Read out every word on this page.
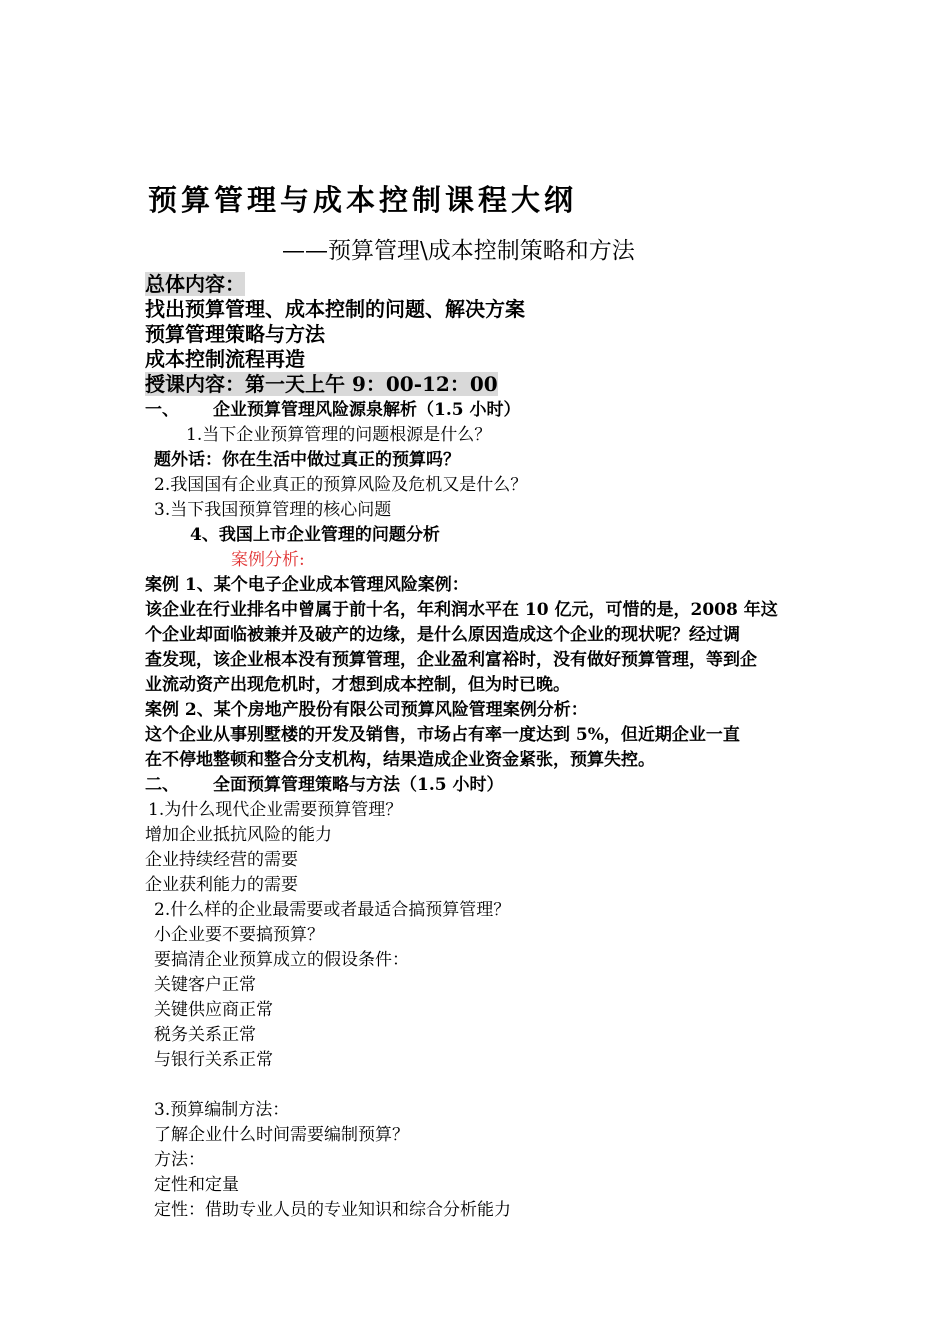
预算管理与成本控制课程大纲
——预算管理\成本控制策略和方法
总体内容：
找出预算管理、成本控制的问题、解决方案
预算管理策略与方法
成本控制流程再造
授课内容：第一天上午 9：00-12：00
一、 企业预算管理风险源泉解析（1.5 小时）
1.当下企业预算管理的问题根源是什么？
题外话：你在生活中做过真正的预算吗？
2.我国国有企业真正的预算风险及危机又是什么？
3.当下我国预算管理的核心问题
4、我国上市企业管理的问题分析
案例分析:
案例 1、某个电子企业成本管理风险案例：
该企业在行业排名中曾属于前十名，年利润水平在 10 亿元，可惜的是，2008 年这
个企业却面临被兼并及破产的边缘，是什么原因造成这个企业的现状呢？经过调
查发现，该企业根本没有预算管理，企业盈利富裕时，没有做好预算管理，等到企
业流动资产出现危机时，才想到成本控制，但为时已晚。
案例 2、某个房地产股份有限公司预算风险管理案例分析：
这个企业从事别墅楼的开发及销售，市场占有率一度达到 5%，但近期企业一直
在不停地整顿和整合分支机构，结果造成企业资金紧张，预算失控。
二、 全面预算管理策略与方法（1.5 小时）
1.为什么现代企业需要预算管理？
增加企业抵抗风险的能力
企业持续经营的需要
企业获利能力的需要
2.什么样的企业最需要或者最适合搞预算管理？
小企业要不要搞预算？
要搞清企业预算成立的假设条件：
关键客户正常
关键供应商正常
税务关系正常
与银行关系正常
3.预算编制方法：
了解企业什么时间需要编制预算？
方法：
定性和定量
定性：借助专业人员的专业知识和综合分析能力
